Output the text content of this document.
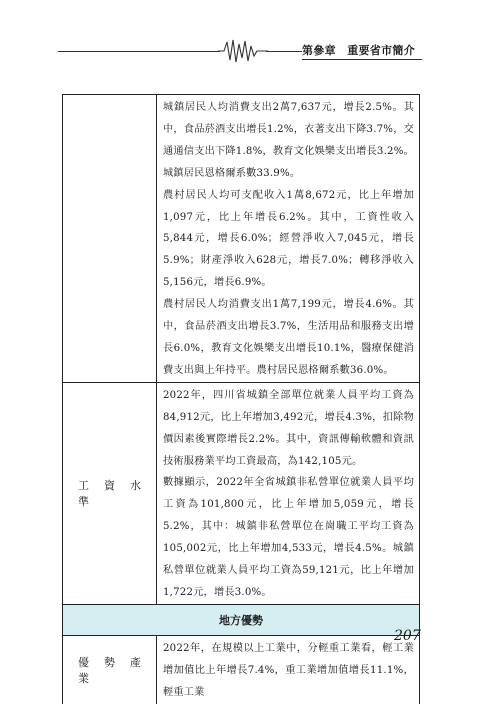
第參章　重要省市簡介

城鎮居民人均消費支出2萬7,637元，增長2.5%。其中，食品菸酒支出增長1.2%，衣著支出下降3.7%，交通通信支出下降1.8%，教育文化娛樂支出增長3.2%。城鎮居民恩格爾系數33.9%。

農村居民人均可支配收入1萬8,672元，比上年增加1,097元，比上年增長6.2%。其中，工資性收入5,844元，增長6.0%；經營淨收入7,045元，增長5.9%；財產淨收入628元，增長7.0%；轉移淨收入5,156元，增長6.9%。

農村居民人均消費支出1萬7,199元，增長4.6%。其中，食品菸酒支出增長3.7%，生活用品和服務支出增長6.0%，教育文化娛樂支出增長10.1%，醫療保健消費支出與上年持平。農村居民恩格爾系數36.0%。

工資水準

2022年，四川省城鎮全部單位就業人員平均工資為84,912元，比上年增加3,492元，增長4.3%，扣除物價因素後實際增長2.2%。其中，資訊傳輸軟體和資訊技術服務業平均工資最高，為142,105元。

數據顯示，2022年全省城鎮非私營單位就業人員平均工資為101,800元，比上年增加5,059元，增長5.2%，其中：城鎮非私營單位在崗職工平均工資為105,002元，比上年增加4,533元，增長4.5%。城鎮私營單位就業人員平均工資為59,121元，比上年增加1,722元，增長3.0%。

地方優勢
優勢產業

2022年，在規模以上工業中，分輕重工業看，輕工業增加值比上年增長7.4%，重工業增加值增長11.1%，輕重工業

207
